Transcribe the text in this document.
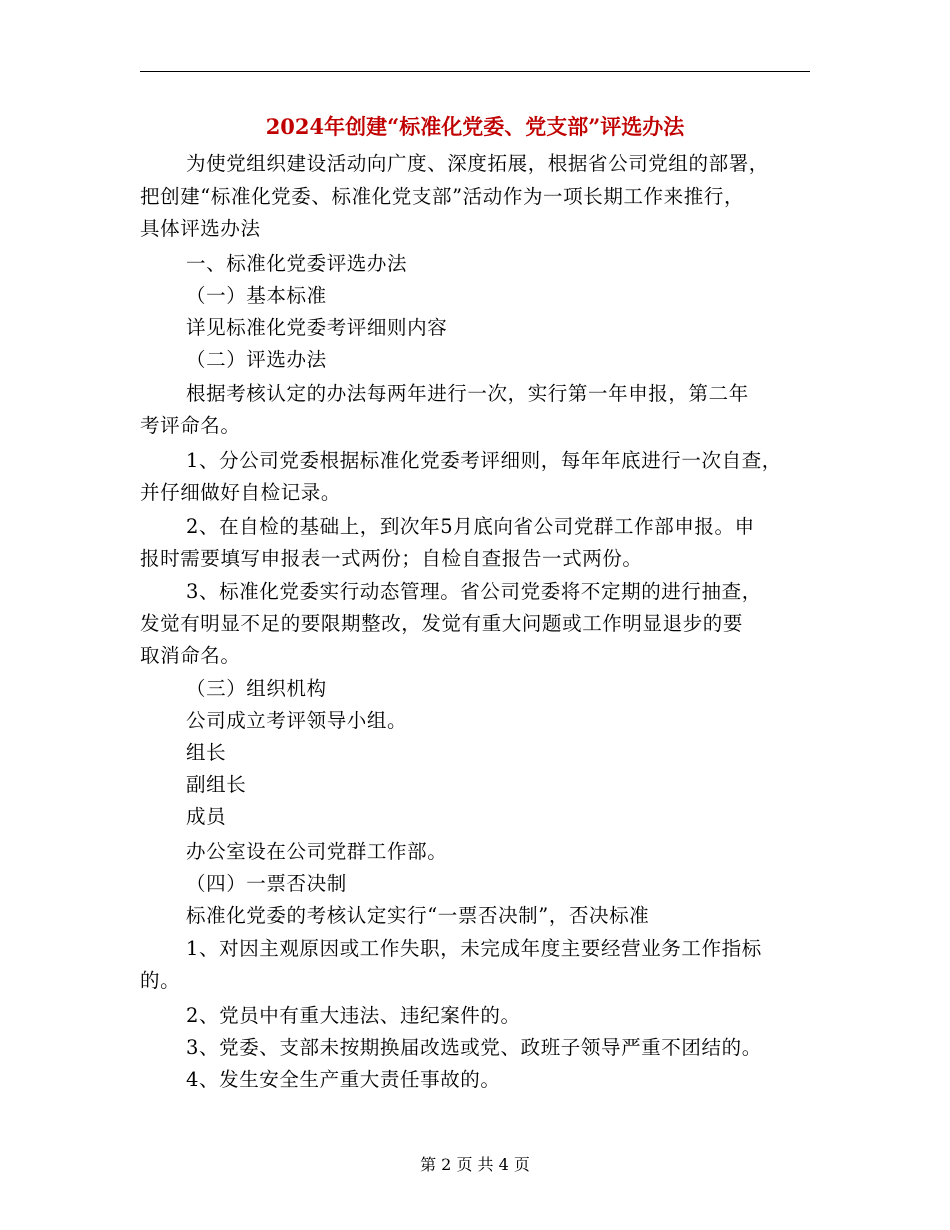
2024年创建“标准化党委、党支部”评选办法
为使党组织建设活动向广度、深度拓展，根据省公司党组的部署，
把创建“标准化党委、标准化党支部”活动作为一项长期工作来推行，
具体评选办法
一、标准化党委评选办法
（一）基本标准
详见标准化党委考评细则内容
（二）评选办法
根据考核认定的办法每两年进行一次，实行第一年申报，第二年
考评命名。
1、分公司党委根据标准化党委考评细则，每年年底进行一次自查，
并仔细做好自检记录。
2、在自检的基础上，到次年5月底向省公司党群工作部申报。申
报时需要填写申报表一式两份；自检自查报告一式两份。
3、标准化党委实行动态管理。省公司党委将不定期的进行抽查，
发觉有明显不足的要限期整改，发觉有重大问题或工作明显退步的要
取消命名。
（三）组织机构
公司成立考评领导小组。
组长
副组长
成员
办公室设在公司党群工作部。
（四）一票否决制
标准化党委的考核认定实行“一票否决制”，否决标准
1、对因主观原因或工作失职，未完成年度主要经营业务工作指标
的。
2、党员中有重大违法、违纪案件的。
3、党委、支部未按期换届改选或党、政班子领导严重不团结的。
4、发生安全生产重大责任事故的。
第 2 页 共 4 页
